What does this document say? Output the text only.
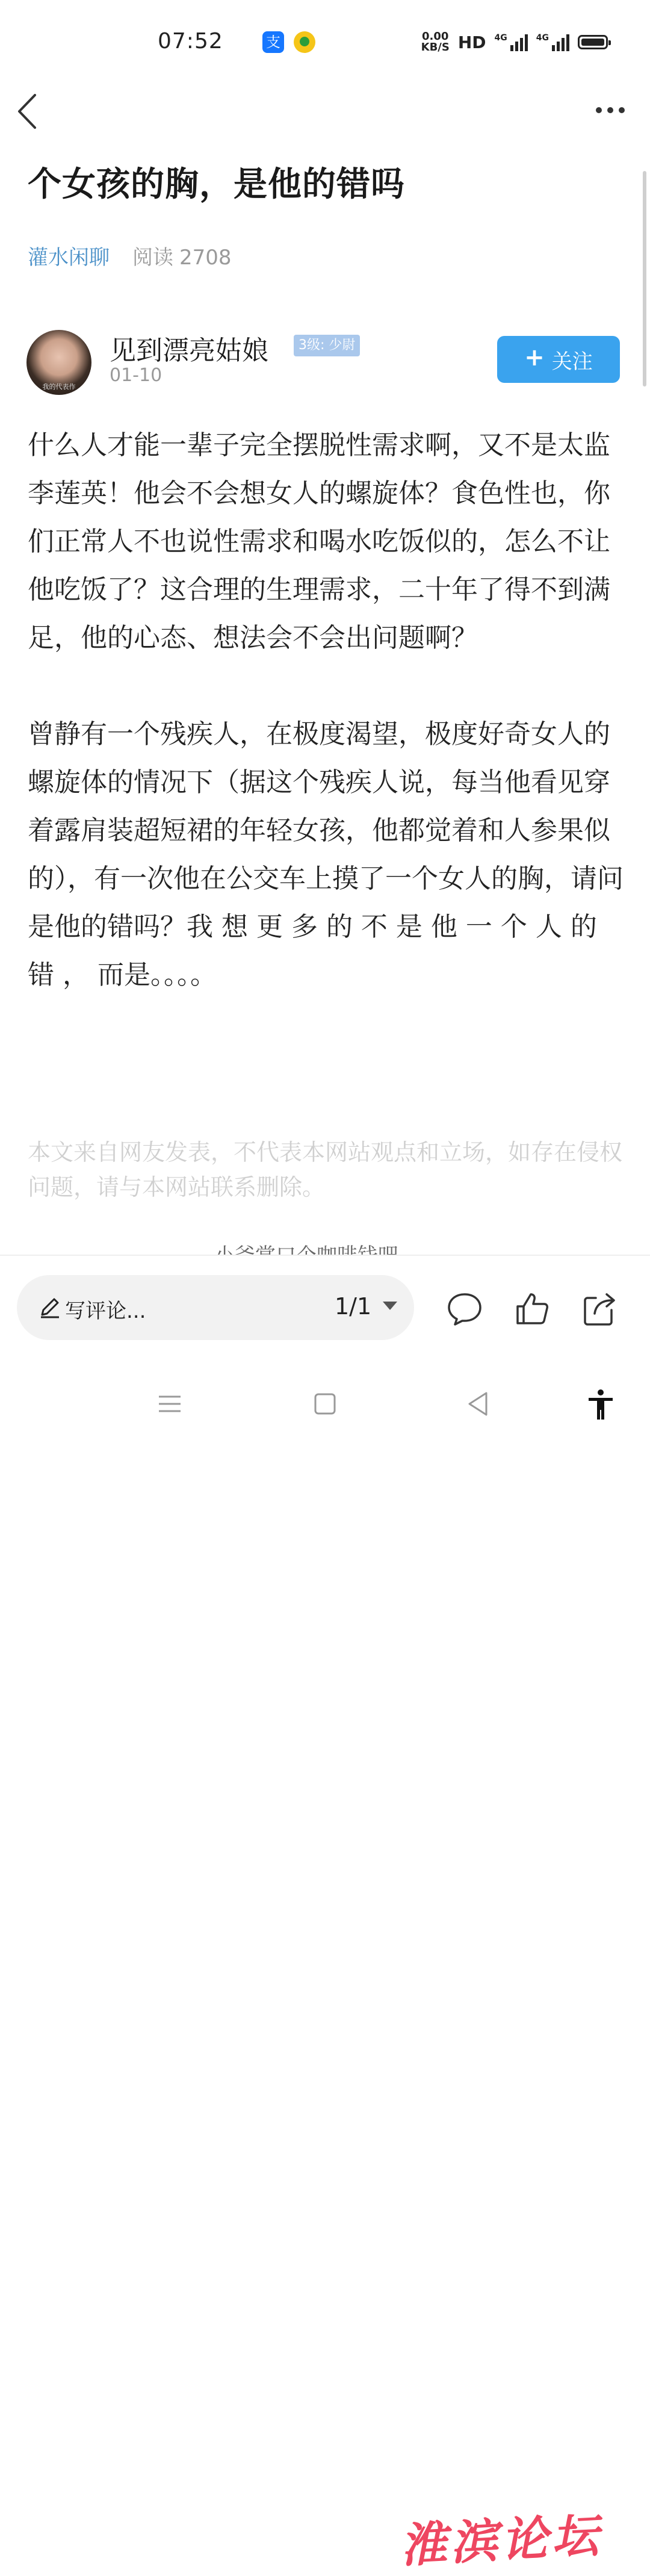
07:52	支	0.00
KB/S HD 4G	4G
个女孩的胸，是他的错吗
灌水闲聊 阅读 2708
我的代表作
见到漂亮姑娘	3级: 少尉
01-10
+ 关注

什么人才能一辈子完全摆脱性需求啊，又不是太监李莲英！他会不会想女人的螺旋体？食色性也，你们正常人不也说性需求和喝水吃饭似的，怎么不让他吃饭了？这合理的生理需求，二十年了得不到满足，他的心态、想法会不会出问题啊？

曾静有一个残疾人，在极度渴望，极度好奇女人的螺旋体的情况下（据这个残疾人说，每当他看见穿着露肩装超短裙的年轻女孩，他都觉着和人参果似的），有一次他在公交车上摸了一个女人的胸，请问是他的错吗？我 想 更 多 的 不 是 他 一 个 人 的 错 ， 而是。。。。

本文来自网友发表，不代表本网站观点和立场，如存在侵权问题，请与本网站联系删除。
写评论...	1/1
淮滨论坛
